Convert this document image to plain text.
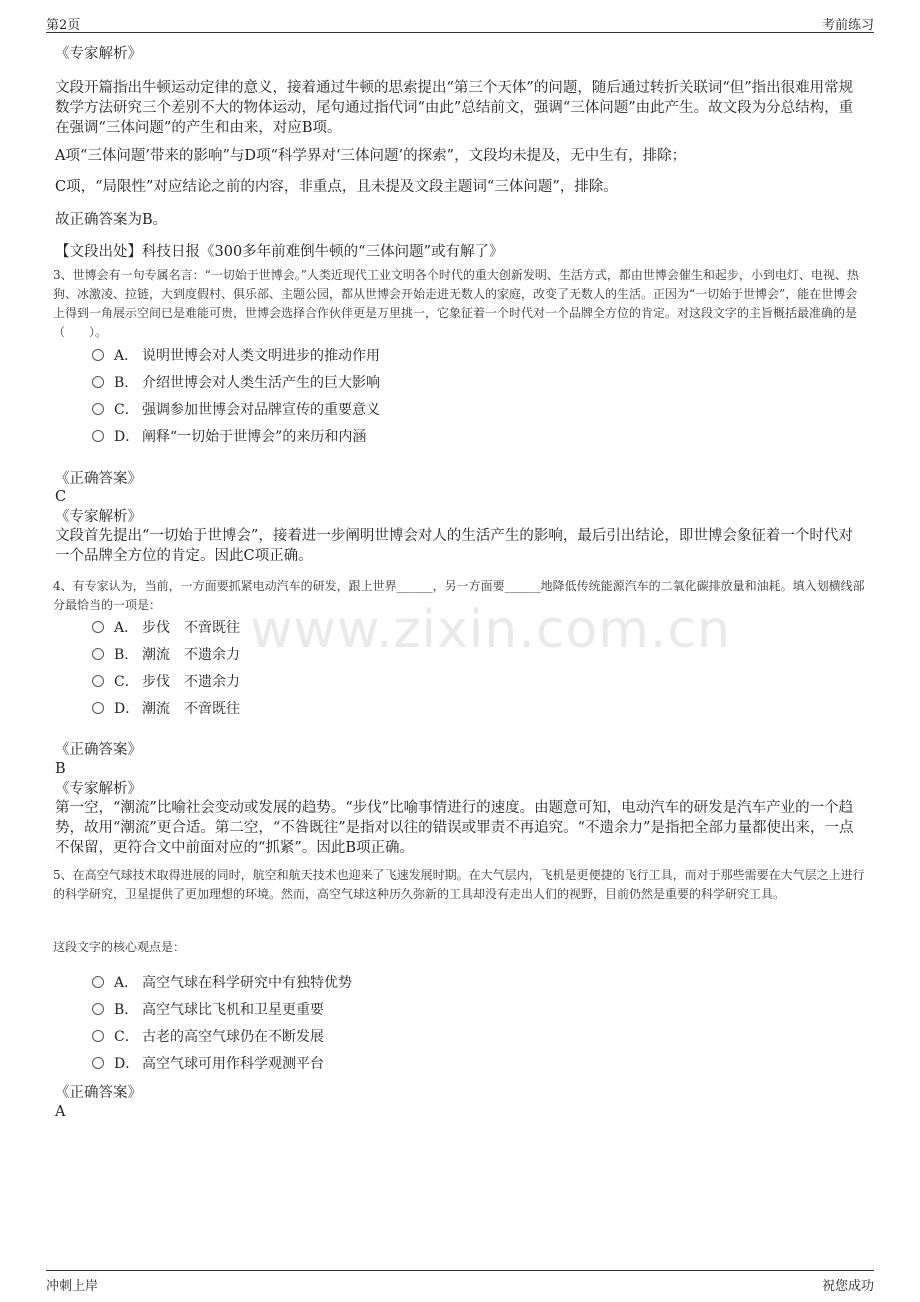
第2页	考前练习
www.zixin.com.cn
《专家解析》
文段开篇指出牛顿运动定律的意义，接着通过牛顿的思索提出“第三个天体”的问题，随后通过转折关联词“但”指出很难用常规数学方法研究三个差别不大的物体运动，尾句通过指代词“由此”总结前文，强调“三体问题”由此产生。故文段为分总结构，重在强调“三体问题”的产生和由来，对应B项。
A项“三体问题’带来的影响”与D项“科学界对‘三体问题’的探索”，文段均未提及，无中生有，排除；
C项，“局限性”对应结论之前的内容，非重点，且未提及文段主题词“三体问题”，排除。
故正确答案为B。
【文段出处】科技日报《300多年前难倒牛顿的“三体问题”或有解了》
3、世博会有一句专属名言：“一切始于世博会。”人类近现代工业文明各个时代的重大创新发明、生活方式，都由世博会催生和起步，小到电灯、电视、热狗、冰激凌、拉链，大到度假村、俱乐部、主题公园，都从世博会开始走进无数人的家庭，改变了无数人的生活。正因为“一切始于世博会”，能在世博会上得到一角展示空间已是难能可贵，世博会选择合作伙伴更是万里挑一，它象征着一个时代对一个品牌全方位的肯定。对这段文字的主旨概括最准确的是（　　）。
A． 说明世博会对人类文明进步的推动作用
B． 介绍世博会对人类生活产生的巨大影响
C． 强调参加世博会对品牌宣传的重要意义
D． 阐释“一切始于世博会”的来历和内涵
《正确答案》
C
《专家解析》
文段首先提出“一切始于世博会”，接着进一步阐明世博会对人的生活产生的影响，最后引出结论，即世博会象征着一个时代对一个品牌全方位的肯定。因此C项正确。
4、有专家认为，当前，一方面要抓紧电动汽车的研发，跟上世界______，另一方面要______地降低传统能源汽车的二氧化碳排放量和油耗。填入划横线部分最恰当的一项是：
A． 步伐　不啻既往
B． 潮流　不遗余力
C． 步伐　不遗余力
D． 潮流　不啻既往
《正确答案》
B
《专家解析》
第一空，“潮流”比喻社会变动或发展的趋势。“步伐”比喻事情进行的速度。由题意可知，电动汽车的研发是汽车产业的一个趋势，故用“潮流”更合适。第二空，“不咎既往”是指对以往的错误或罪责不再追究。“不遗余力”是指把全部力量都使出来，一点不保留，更符合文中前面对应的“抓紧”。因此B项正确。
5、在高空气球技术取得进展的同时，航空和航天技术也迎来了飞速发展时期。在大气层内，飞机是更便捷的飞行工具，而对于那些需要在大气层之上进行的科学研究，卫星提供了更加理想的环境。然而，高空气球这种历久弥新的工具却没有走出人们的视野，目前仍然是重要的科学研究工具。
这段文字的核心观点是：
A． 高空气球在科学研究中有独特优势
B． 高空气球比飞机和卫星更重要
C． 古老的高空气球仍在不断发展
D． 高空气球可用作科学观测平台
《正确答案》
A
冲刺上岸	祝您成功
